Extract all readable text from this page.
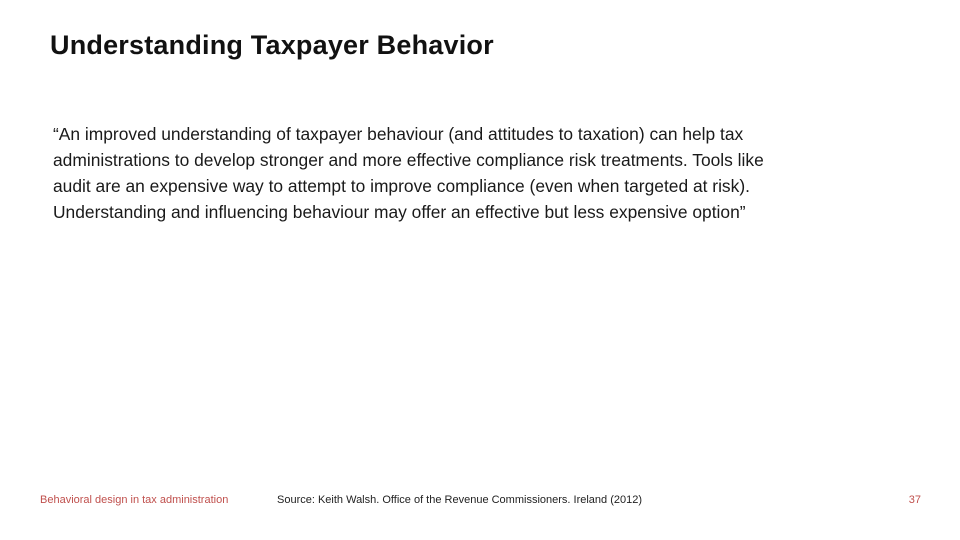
Understanding Taxpayer Behavior

“An improved understanding of taxpayer behaviour (and attitudes to taxation) can help tax
administrations to develop stronger and more effective compliance risk treatments. Tools like
audit are an expensive way to attempt to improve compliance (even when targeted at risk).
Understanding and influencing behaviour may offer an effective but less expensive option”

Behavioral design in tax administration	Source: Keith Walsh. Office of the Revenue Commissioners. Ireland (2012)	37
